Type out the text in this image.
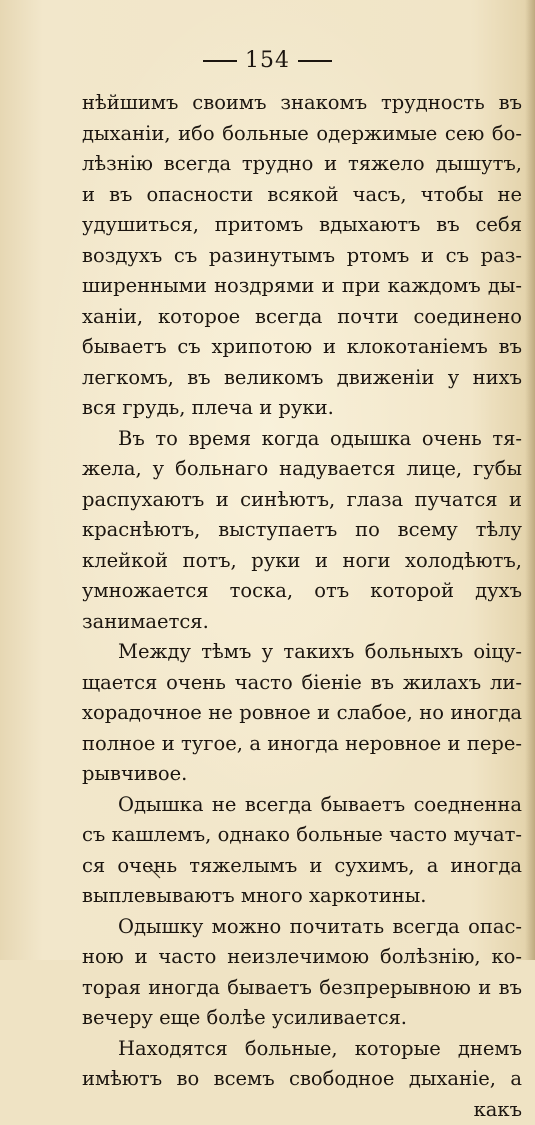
154
нѣйшимъ своимъ знакомъ трудность въ
дыханіи, ибо больные одержимые сею бо-
лѣзнію всегда трудно и тяжело дышутъ,
и въ опасности всякой часъ, чтобы не
удушиться, притомъ вдыхаютъ въ себя
воздухъ съ разинутымъ ртомъ и съ раз-
ширенными ноздрями и при каждомъ ды-
ханіи, которое всегда почти соединено
бываетъ съ хрипотою и клокотаніемъ въ
легкомъ, въ великомъ движеніи у нихъ
вся грудь, плеча и руки.
Въ то время когда одышка очень тя-
жела, у больнаго надувается лице, губы
распухаютъ и синѣютъ, глаза пучатся и
краснѣютъ, выступаетъ по всему тѣлу
клейкой потъ, руки и ноги холодѣютъ,
умножается тоска, отъ которой духъ
занимается.
Между тѣмъ у такихъ больныхъ оіцу-
щается очень часто біеніе въ жилахъ ли-
хорадочное не ровное и слабое, но иногда
полное и тугое, а иногда неровное и пере-
рывчивое.
Одышка не всегда бываетъ соедненна
съ кашлемъ, однако больные часто мучат-
ся очень тяжелымъ и сухимъ, а иногда
выплевываютъ много харкотины.
Одышку можно почитать всегда опас-
ною и часто неизлечимою болѣзнію, ко-
торая иногда бываетъ безпрерывною и въ
вечеру еще болѣе усиливается.
Находятся больные, которые днемъ
имѣютъ во всемъ свободное дыханіе, а
какъ
